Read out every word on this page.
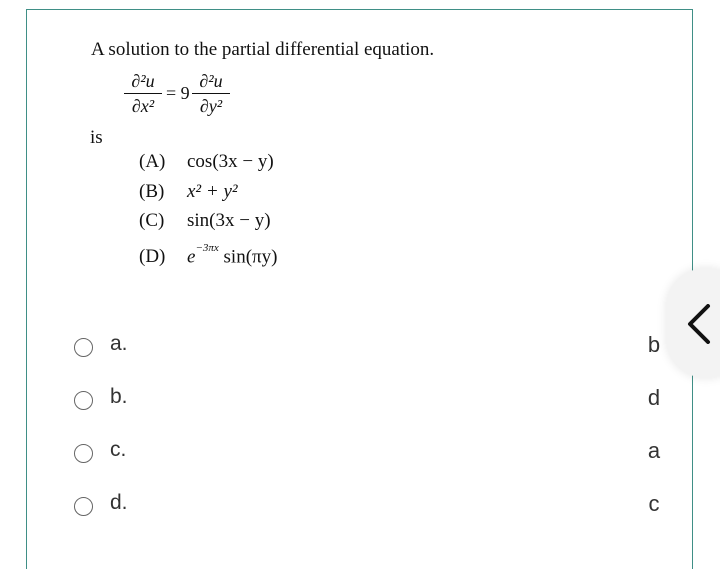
A solution to the partial differential equation.
∂²u
∂x²
= 9
∂²u
∂y²
is
(A) cos(3x − y)
(B) x² + y²
(C) sin(3x − y)
(D) $e^{-3\pi x}$ sin(πy)
a.	b
b.	d
c.	a
d.	c
